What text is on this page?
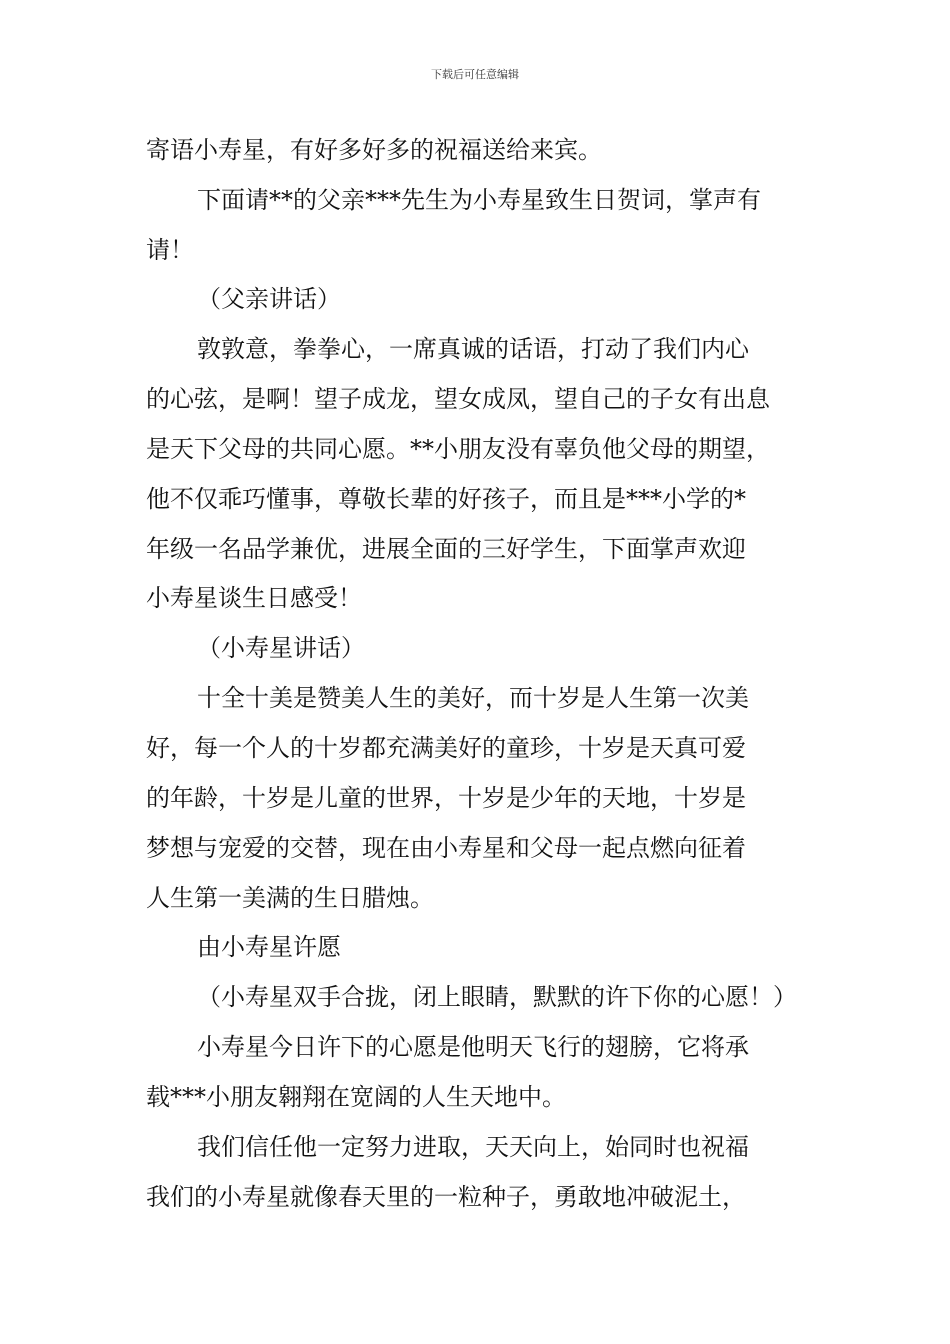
下载后可任意编辑
寄语小寿星，有好多好多的祝福送给来宾。
下面请**的父亲***先生为小寿星致生日贺词，掌声有
请！
（父亲讲话）
敦敦意，拳拳心，一席真诚的话语，打动了我们内心
的心弦，是啊！望子成龙，望女成凤，望自己的子女有出息
是天下父母的共同心愿。**小朋友没有辜负他父母的期望，
他不仅乖巧懂事，尊敬长辈的好孩子，而且是***小学的*
年级一名品学兼优，进展全面的三好学生，下面掌声欢迎
小寿星谈生日感受！
（小寿星讲话）
十全十美是赞美人生的美好，而十岁是人生第一次美
好，每一个人的十岁都充满美好的童珍，十岁是天真可爱
的年龄，十岁是儿童的世界，十岁是少年的天地，十岁是
梦想与宠爱的交替，现在由小寿星和父母一起点燃向征着
人生第一美满的生日腊烛。
由小寿星许愿
（小寿星双手合拢，闭上眼睛，默默的许下你的心愿！）
小寿星今日许下的心愿是他明天飞行的翅膀，它将承
载***小朋友翱翔在宽阔的人生天地中。
我们信任他一定努力进取，天天向上，始同时也祝福
我们的小寿星就像春天里的一粒种子，勇敢地冲破泥土，
